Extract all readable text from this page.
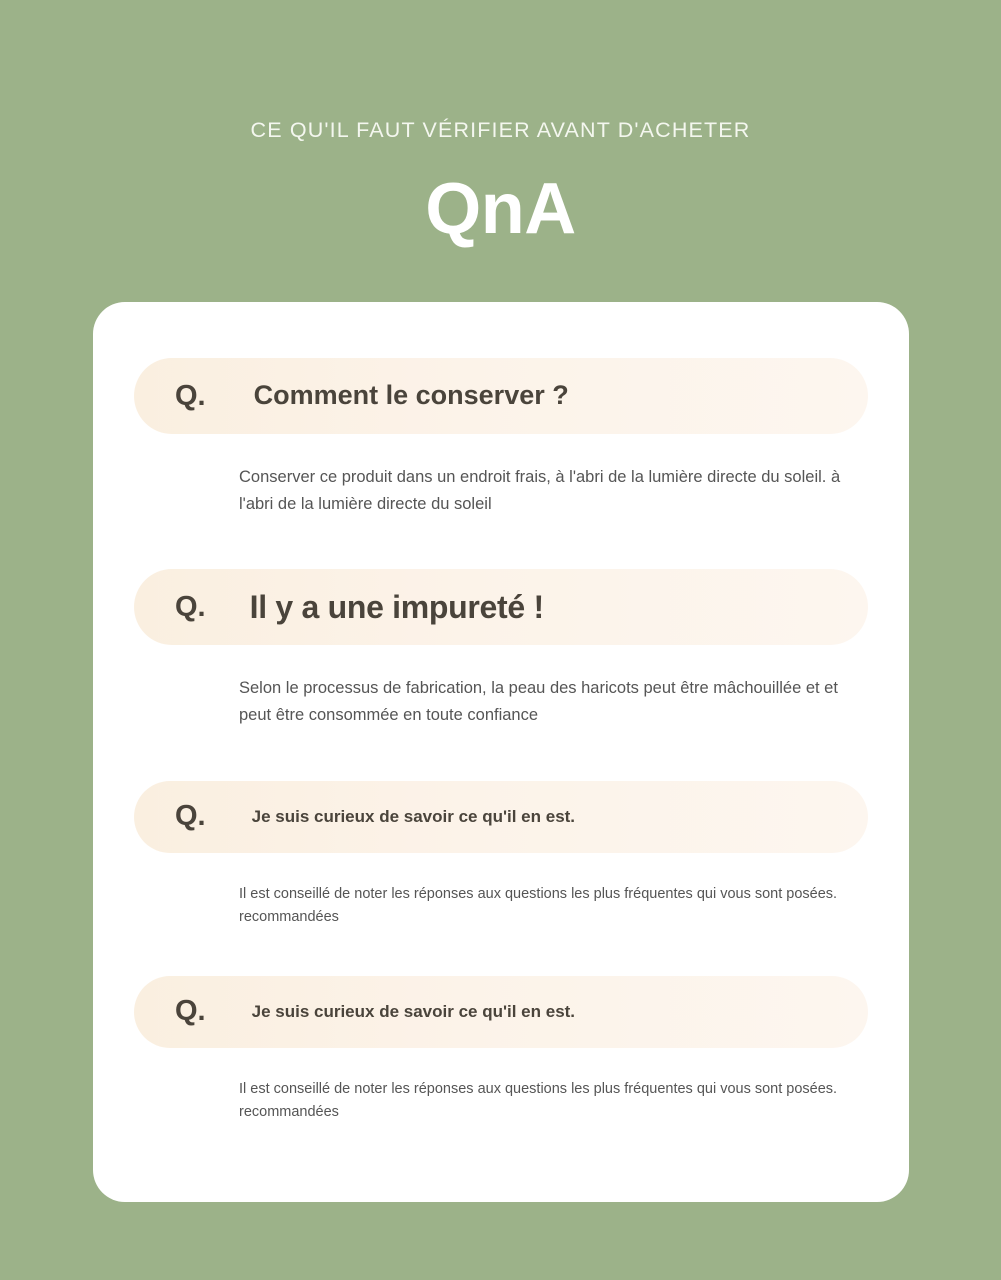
CE QU'IL FAUT VÉRIFIER AVANT D'ACHETER
QnA
Q. Comment le conserver ?
Conserver ce produit dans un endroit frais, à l'abri de la lumière directe du soleil. à l'abri de la lumière directe du soleil
Q. Il y a une impureté !
Selon le processus de fabrication, la peau des haricots peut être mâchouillée et et peut être consommée en toute confiance
Q.	Je suis curieux de savoir ce qu'il en est.
Il est conseillé de noter les réponses aux questions les plus fréquentes qui vous sont posées. recommandées
Q.	Je suis curieux de savoir ce qu'il en est.
Il est conseillé de noter les réponses aux questions les plus fréquentes qui vous sont posées. recommandées
